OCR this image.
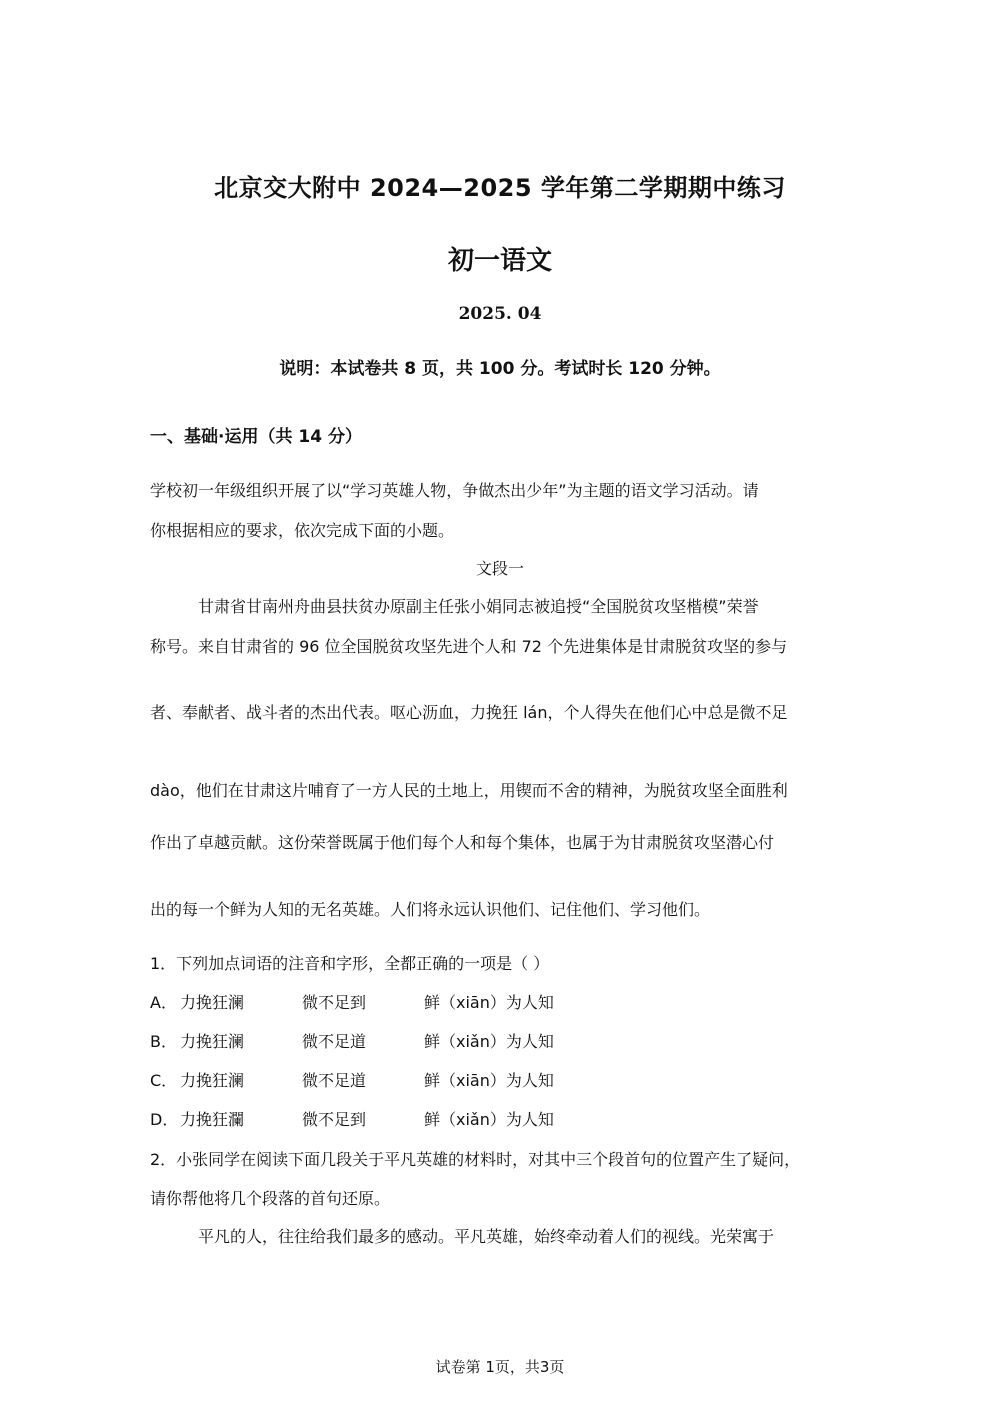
北京交大附中 2024—2025 学年第二学期期中练习
初一语文
2025. 04
说明：本试卷共 8 页，共 100 分。考试时长 120 分钟。
一、基础·运用（共 14 分）
学校初一年级组织开展了以“学习英雄人物，争做杰出少年”为主题的语文学习活动。请
你根据相应的要求，依次完成下面的小题。
文段一
甘肃省甘南州舟曲县扶贫办原副主任张小娟同志被追授“全国脱贫攻坚楷模”荣誉
称号。来自甘肃省的 96 位全国脱贫攻坚先进个人和 72 个先进集体是甘肃脱贫攻坚的参与
者、奉献者、战斗者的杰出代表。呕心沥血，力挽狂 lán，个人得失在他们心中总是微不足
dào，他们在甘肃这片哺育了一方人民的土地上，用锲而不舍的精神，为脱贫攻坚全面胜利
作出了卓越贡献。这份荣誉既属于他们每个人和每个集体，也属于为甘肃脱贫攻坚潜心付
出的每一个鲜为人知的无名英雄。人们将永远认识他们、记住他们、学习他们。
1．下列加点词语的注音和字形，全都正确的一项是（ ）
A． 力挽狂澜	微不足到	鲜（xiān）为人知
B． 力挽狂澜	微不足道	鲜（xiǎn）为人知
C． 力挽狂澜	微不足道	鲜（xiān）为人知
D． 力挽狂瀾	微不足到	鲜（xiǎn）为人知
2．小张同学在阅读下面几段关于平凡英雄的材料时，对其中三个段首句的位置产生了疑问，
请你帮他将几个段落的首句还原。
平凡的人，往往给我们最多的感动。平凡英雄，始终牵动着人们的视线。光荣寓于
试卷第 1页，共3页
